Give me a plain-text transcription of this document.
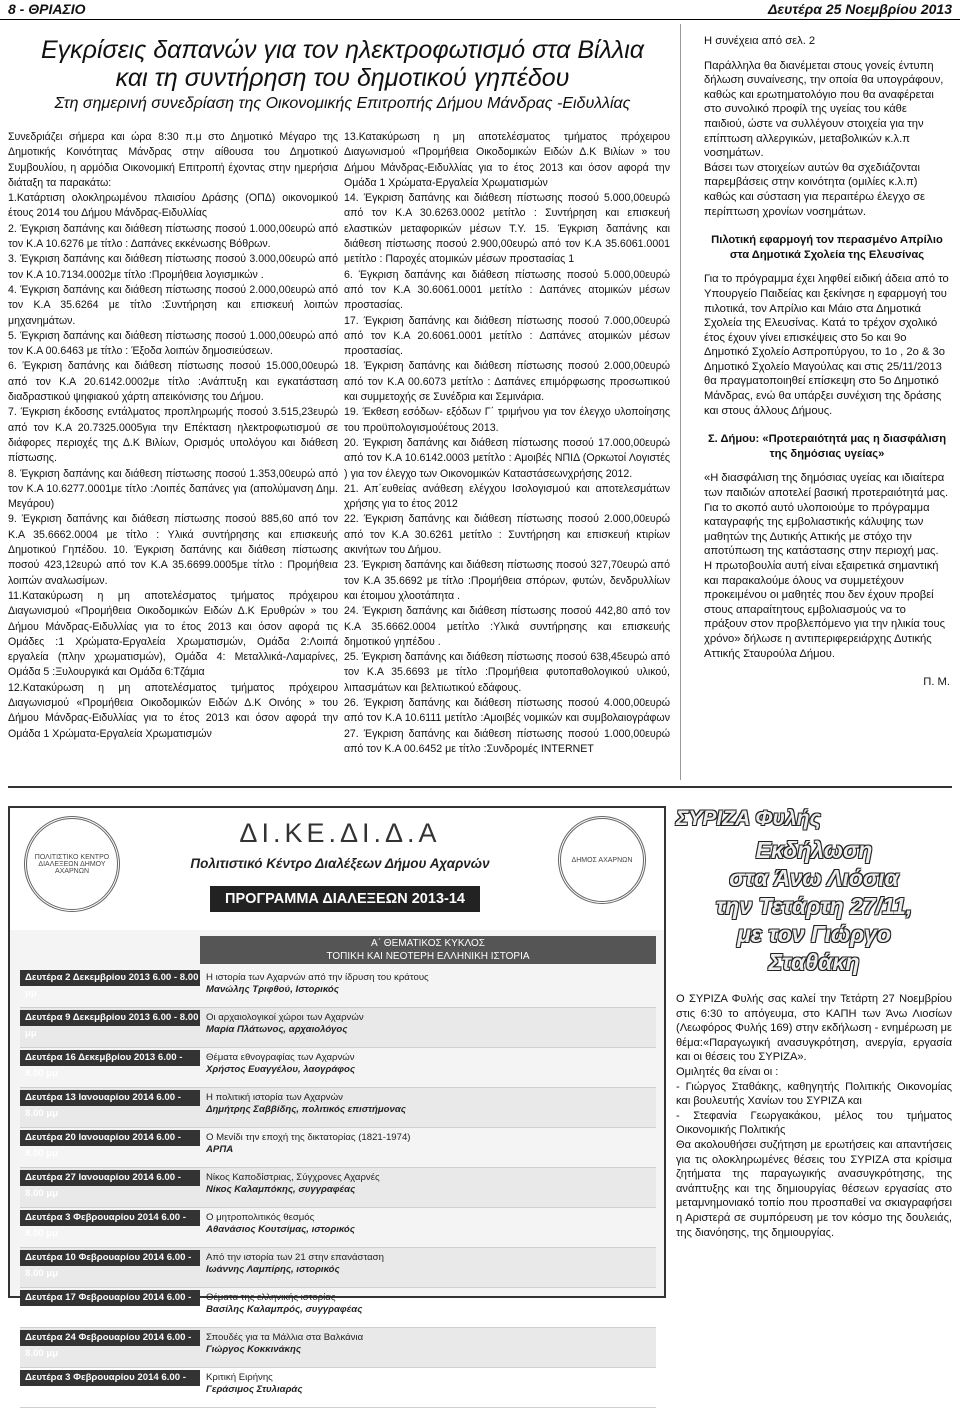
8 - ΘΡΙΑΣΙΟ	Δευτέρα 25 Νοεμβρίου 2013
Εγκρίσεις δαπανών για τον ηλεκτροφωτισμό στα Βίλλια
και τη συντήρηση του δημοτικού γηπέδου
Στη σημερινή συνεδρίαση της Οικονομικής Επιτροπής Δήμου Μάνδρας -Ειδυλλίας

Συνεδριάζει σήμερα και ώρα 8:30 π.μ στο Δημοτικό Μέγαρο της Δημοτικής Κοινότητας Μάνδρας στην αίθουσα του Δημοτικού Συμβουλίου, η αρμόδια Οικονομική Επιτροπή έχοντας στην ημερήσια διάταξη τα παρακάτω:

1.Κατάρτιση ολοκληρωμένου πλαισίου Δράσης (ΟΠΔ) οικονομικού έτους 2014 του Δήμου Μάνδρας-Ειδυλλίας

2. Έγκριση δαπάνης και διάθεση πίστωσης ποσού 1.000,00ευρώ από τον Κ.Α 10.6276 με τίτλο : Δαπάνες εκκένωσης Βόθρων.

3. Έγκριση δαπάνης και διάθεση πίστωσης ποσού 3.000,00ευρώ από τον Κ.Α 10.7134.0002με τίτλο :Προμήθεια λογισμικών .

4. Έγκριση δαπάνης και διάθεση πίστωσης ποσού 2.000,00ευρώ από τον Κ.Α 35.6264 με τίτλο :Συντήρηση και επισκευή λοιπών μηχανημάτων.

5. Έγκριση δαπάνης και διάθεση πίστωσης ποσού 1.000,00ευρώ από τον Κ.Α 00.6463 με τίτλο : Έξοδα λοιπών δημοσιεύσεων.

6. Έγκριση δαπάνης και διάθεση πίστωσης ποσού 15.000,00ευρώ από τον Κ.Α 20.6142.0002με τίτλο :Ανάπτυξη και εγκατάσταση διαδραστικού ψηφιακού χάρτη απεικόνισης του Δήμου.

7. Έγκριση έκδοσης εντάλματος προπληρωμής ποσού 3.515,23ευρώ από τον Κ.Α 20.7325.0005για την Επέκταση ηλεκτροφωτισμού σε διάφορες περιοχές της Δ.Κ Βιλίων, Ορισμός υπολόγου και διάθεση πίστωσης.

8. Έγκριση δαπάνης και διάθεση πίστωσης ποσού 1.353,00ευρώ από τον Κ.Α 10.6277.0001με τίτλο :Λοιπές δαπάνες για (απολύμανση Δημ. Μεγάρου)

9. Έγκριση δαπάνης και διάθεση πίστωσης ποσού 885,60 από τον Κ.Α 35.6662.0004 με τίτλο : Υλικά συντήρησης και επισκευής Δημοτικού Γηπέδου. 10. Έγκριση δαπάνης και διάθεση πίστωσης ποσού 423,12ευρώ από τον Κ.Α 35.6699.0005με τίτλο : Προμήθεια λοιπών αναλωσίμων.

11.Κατακύρωση η μη αποτελέσματος τμήματος πρόχειρου Διαγωνισμού «Προμήθεια Οικοδομικών Ειδών Δ.Κ Ερυθρών » του Δήμου Μάνδρας-Ειδυλλίας για το έτος 2013 και όσον αφορά τις Ομάδες :1 Χρώματα-Εργαλεία Χρωματισμών, Ομάδα 2:Λοιπά εργαλεία (πλην χρωματισμών), Ομάδα 4: Μεταλλικά-Λαμαρίνες, Ομάδα 5 :Ξυλουργικά και Ομάδα 6:Τζάμια

12.Κατακύρωση η μη αποτελέσματος τμήματος πρόχειρου Διαγωνισμού «Προμήθεια Οικοδομικών Ειδών Δ.Κ Οινόης » του Δήμου Μάνδρας-Ειδυλλίας για το έτος 2013 και όσον αφορά την Ομάδα 1 Χρώματα-Εργαλεία Χρωματισμών

13.Κατακύρωση η μη αποτελέσματος τμήματος πρόχειρου Διαγωνισμού «Προμήθεια Οικοδομικών Ειδών Δ.Κ Βιλίων » του Δήμου Μάνδρας-Ειδυλλίας για το έτος 2013 και όσον αφορά την Ομάδα 1 Χρώματα-Εργαλεία Χρωματισμών

14. Έγκριση δαπάνης και διάθεση πίστωσης ποσού 5.000,00ευρώ από τον Κ.Α 30.6263.0002 μετίτλο : Συντήρηση και επισκευή ελαστικών μεταφορικών μέσων Τ.Υ. 15. Έγκριση δαπάνης και διάθεση πίστωσης ποσού 2.900,00ευρώ από τον Κ.Α 35.6061.0001 μετίτλο : Παροχές ατομικών μέσων προστασίας 1

6. Έγκριση δαπάνης και διάθεση πίστωσης ποσού 5.000,00ευρώ από τον Κ.Α 30.6061.0001 μετίτλο : Δαπάνες ατομικών μέσων προστασίας.

17. Έγκριση δαπάνης και διάθεση πίστωσης ποσού 7.000,00ευρώ από τον Κ.Α 20.6061.0001 μετίτλο : Δαπάνες ατομικών μέσων προστασίας.

18. Έγκριση δαπάνης και διάθεση πίστωσης ποσού 2.000,00ευρώ από τον Κ.Α 00.6073 μετίτλο : Δαπάνες επιμόρφωσης προσωπικού και συμμετοχής σε Συνέδρια και Σεμινάρια.

19. Έκθεση εσόδων- εξόδων Γ΄ τριμήνου για τον έλεγχο υλοποίησης του προϋπολογισμούέτους 2013.

20. Έγκριση δαπάνης και διάθεση πίστωσης ποσού 17.000,00ευρώ από τον Κ.Α 10.6142.0003 μετίτλο : Αμοιβές ΝΠΙΔ (Ορκωτοί Λογιστές ) για τον έλεγχο των Οικονομικών Καταστάσεωνχρήσης 2012.

21. Απ΄ευθείας ανάθεση ελέγχου Ισολογισμού και αποτελεσμάτων χρήσης για το έτος 2012

22. Έγκριση δαπάνης και διάθεση πίστωσης ποσού 2.000,00ευρώ από τον Κ.Α 30.6261 μετίτλο : Συντήρηση και επισκευή κτιρίων ακινήτων του Δήμου.

23. Έγκριση δαπάνης και διάθεση πίστωσης ποσού 327,70ευρώ από τον Κ.Α 35.6692 με τίτλο :Προμήθεια σπόρων, φυτών, δενδρυλλίων και έτοιμου χλοοτάπητα .

24. Έγκριση δαπάνης και διάθεση πίστωσης ποσού 442,80 από τον Κ.Α 35.6662.0004 μετίτλο :Υλικά συντήρησης και επισκευής δημοτικού γηπέδου .

25. Έγκριση δαπάνης και διάθεση πίστωσης ποσού 638,45ευρώ από τον Κ.Α 35.6693 με τίτλο :Προμήθεια φυτοπαθολογικού υλικού, λιπασμάτων και βελτιωτικού εδάφους.

26. Έγκριση δαπάνης και διάθεση πίστωσης ποσού 4.000,00ευρώ από τον Κ.Α 10.6111 μετίτλο :Αμοιβές νομικών και συμβολαιογράφων 27. Έγκριση δαπάνης και διάθεση πίστωσης ποσού 1.000,00ευρώ από τον Κ.Α 00.6452 με τίτλο :Συνδρομές INTERNET

Η συνέχεια από σελ. 2

Παράλληλα θα διανέμεται στους γονείς έντυπη δήλωση συναίνεσης, την οποία θα υπογράφουν, καθώς και ερωτηματολόγιο που θα αναφέρεται στο συνολικό προφίλ της υγείας του κάθε παιδιού, ώστε να συλλέγουν στοιχεία για την επίπτωση αλλεργικών, μεταβολικών κ.λ.π νοσημάτων.

Βάσει των στοιχείων αυτών θα σχεδιάζονται παρεμβάσεις στην κοινότητα (ομιλίες κ.λ.π) καθώς και σύσταση για περαιτέρω έλεγχο σε περίπτωση χρονίων νοσημάτων.

Πιλοτική εφαρμογή τον περασμένο Απρίλιο στα Δημοτικά Σχολεία της Ελευσίνας

Για το πρόγραμμα έχει ληφθεί ειδική άδεια από το Υπουργείο Παιδείας και ξεκίνησε η εφαρμογή του πιλοτικά, τον Απρίλιο και Μάιο στα Δημοτικά Σχολεία της Ελευσίνας. Κατά το τρέχον σχολικό έτος έχουν γίνει επισκέψεις στο 5ο και 9ο Δημοτικό Σχολείο Ασπροπύργου, το 1ο , 2ο & 3ο Δημοτικό Σχολείο Μαγούλας και στις 25/11/2013 θα πραγματοποιηθεί επίσκεψη στο 5ο Δημοτικό Μάνδρας, ενώ θα υπάρξει συνέχιση της δράσης και στους άλλους Δήμους.

Σ. Δήμου: «Προτεραιότητά μας η διασφάλιση της δημόσιας υγείας»

«Η διασφάλιση της δημόσιας υγείας και ιδιαίτερα των παιδιών αποτελεί βασική προτεραιότητά μας. Για το σκοπό αυτό υλοποιούμε το πρόγραμμα καταγραφής της εμβολιαστικής κάλυψης των μαθητών της Δυτικής Αττικής με στόχο την αποτύπωση της κατάστασης στην περιοχή μας.

Η πρωτοβουλία αυτή είναι εξαιρετικά σημαντική και παρακαλούμε όλους να συμμετέχουν προκειμένου οι μαθητές που δεν έχουν προβεί στους απαραίτητους εμβολιασμούς να το πράξουν στον προβλεπόμενο για την ηλικία τους χρόνο» δήλωσε η αντιπεριφερειάρχης Δυτικής Αττικής Σταυρούλα Δήμου.

Π. Μ.

ΠΟΛΙΤΙΣΤΙΚΟ ΚΕΝΤΡΟ ΔΙΑΛΕΞΕΩΝ ΔΗΜΟΥ ΑΧΑΡΝΩΝ
ΔΙ.ΚΕ.ΔΙ.Δ.Α
Πολιτιστικό Κέντρο Διαλέξεων Δήμου Αχαρνών
ΠΡΟΓΡΑΜΜΑ ΔΙΑΛΕΞΕΩΝ 2013-14
ΔΗΜΟΣ ΑΧΑΡΝΩΝ
Α΄ ΘΕΜΑΤΙΚΟΣ ΚΥΚΛΟΣ
ΤΟΠΙΚΗ ΚΑΙ ΝΕΟΤΕΡΗ ΕΛΛΗΝΙΚΗ ΙΣΤΟΡΙΑ
Δευτέρα 2 Δεκεμβρίου 2013 6.00 - 8.00 μμ
Η ιστορία των Αχαρνών από την ίδρυση του κράτους
Μανώλης Τριφθού, Ιστορικός
Δευτέρα 9 Δεκεμβρίου 2013 6.00 - 8.00 μμ
Οι αρχαιολογικοί χώροι των Αχαρνών
Μαρία Πλάτωνος, αρχαιολόγος
Δευτέρα 16 Δεκεμβρίου 2013 6.00 - 8.00 μμ
Θέματα εθνογραφίας των Αχαρνών
Χρήστος Ευαγγέλου, λαογράφος
Δευτέρα 13 Ιανουαρίου 2014 6.00 - 8.00 μμ
Η πολιτική ιστορία των Αχαρνών
Δημήτρης Σαββίδης, πολιτικός επιστήμονας
Δευτέρα 20 Ιανουαρίου 2014 6.00 - 8.00 μμ
Ο Μενίδι την εποχή της δικτατορίας (1821-1974)
ΑΡΠΑ
Δευτέρα 27 Ιανουαρίου 2014 6.00 - 8.00 μμ
Νίκος Καποδίστριας, Σύγχρονες Αχαρνές
Νίκος Καλαμπόκης, συγγραφέας
Δευτέρα 3 Φεβρουαρίου 2014 6.00 - 8.00 μμ
Ο μητροπολιτικός θεσμός
Αθανάσιος Κουτσίμας, ιστορικός
Δευτέρα 10 Φεβρουαρίου 2014 6.00 - 8.00 μμ
Από την ιστορία των 21 στην επανάσταση
Ιωάννης Λαμπίρης, ιστορικός
Δευτέρα 17 Φεβρουαρίου 2014 6.00 - 8.00 μμ
Θέματα της ελληνικής ιστορίας
Βασίλης Καλαμπρός, συγγραφέας
Δευτέρα 24 Φεβρουαρίου 2014 6.00 - 8.00 μμ
Σπουδές για τα Μάλλια στα Βαλκάνια
Γιώργος Κοκκινάκης
Δευτέρα 3 Φεβρουαρίου 2014 6.00 - 8.00 μμ
Κριτική Ειρήνης
Γεράσιμος Στυλιαράς
ΣΥΡΙΖΑ Φυλής
Εκδήλωση
στα Άνω Λιόσια
την Τετάρτη 27/11,
με τον Γιώργο
Σταθάκη

Ο ΣΥΡΙΖΑ Φυλής σας καλεί την Τετάρτη 27 Νοεμβρίου στις 6:30 το απόγευμα, στο ΚΑΠΗ των Άνω Λιοσίων (Λεωφόρος Φυλής 169) στην εκδήλωση - ενημέρωση με θέμα:«Παραγωγική ανασυγκρότηση, ανεργία, εργασία και οι θέσεις του ΣΥΡΙΖΑ».

Ομιλητές θα είναι οι :

- Γιώργος Σταθάκης, καθηγητής Πολιτικής Οικονομίας και βουλευτής Χανίων του ΣΥΡΙΖΑ και

- Στεφανία Γεωργακάκου, μέλος του τμήματος Οικονομικής Πολιτικής

Θα ακολουθήσει συζήτηση με ερωτήσεις και απαντήσεις για τις ολοκληρωμένες θέσεις του ΣΥΡΙΖΑ στα κρίσιμα ζητήματα της παραγωγικής ανασυγκρότησης, της ανάπτυξης και της δημιουργίας θέσεων εργασίας στο μεταμνημονιακό τοπίο που προσπαθεί να σκιαγραφήσει η Αριστερά σε συμπόρευση με τον κόσμο της δουλειάς, της διανόησης, της δημιουργίας.
